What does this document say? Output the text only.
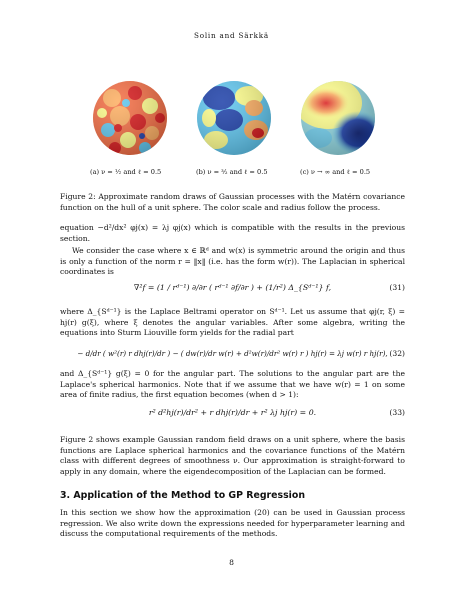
Solin and Särkkä
(a) ν = ½ and ℓ = 0.5	(b) ν = ³⁄₂ and ℓ = 0.5	(c) ν → ∞ and ℓ = 0.5
Figure 2: Approximate random draws of Gaussian processes with the Matérn covariance function on the hull of a unit sphere. The color scale and radius follow the process.
equation −d²/dx² φj(x) = λj φj(x) which is compatible with the results in the previous section.
We consider the case where x ∈ ℝᵈ and w(x) is symmetric around the origin and thus is only a function of the norm r = ‖x‖ (i.e. has the form w(r)). The Laplacian in spherical coordinates is
∇²f = (1 / rᵈ⁻¹) ∂/∂r ( rᵈ⁻¹ ∂f/∂r ) + (1/r²) Δ_{Sᵈ⁻¹} f,	(31)
where Δ_{Sᵈ⁻¹} is the Laplace Beltrami operator on Sᵈ⁻¹. Let us assume that φj(r, ξ) = hj(r) g(ξ), where ξ denotes the angular variables. After some algebra, writing the equations into Sturm Liouville form yields for the radial part
− d/dr ( w²(r) r dhj(r)/dr ) − ( dw(r)/dr w(r) + d²w(r)/dr² w(r) r ) hj(r) = λj w(r) r hj(r), (32)
and Δ_{Sᵈ⁻¹} g(ξ) = 0 for the angular part. The solutions to the angular part are the Laplace's spherical harmonics. Note that if we assume that we have w(r) = 1 on some area of finite radius, the first equation becomes (when d > 1):
r² d²hj(r)/dr² + r dhj(r)/dr + r² λj hj(r) = 0.	(33)
Figure 2 shows example Gaussian random field draws on a unit sphere, where the basis functions are Laplace spherical harmonics and the covariance functions of the Matérn class with different degrees of smoothness ν. Our approximation is straight-forward to apply in any domain, where the eigendecomposition of the Laplacian can be formed.
3. Application of the Method to GP Regression
In this section we show how the approximation (20) can be used in Gaussian process regression. We also write down the expressions needed for hyperparameter learning and discuss the computational requirements of the methods.
8
